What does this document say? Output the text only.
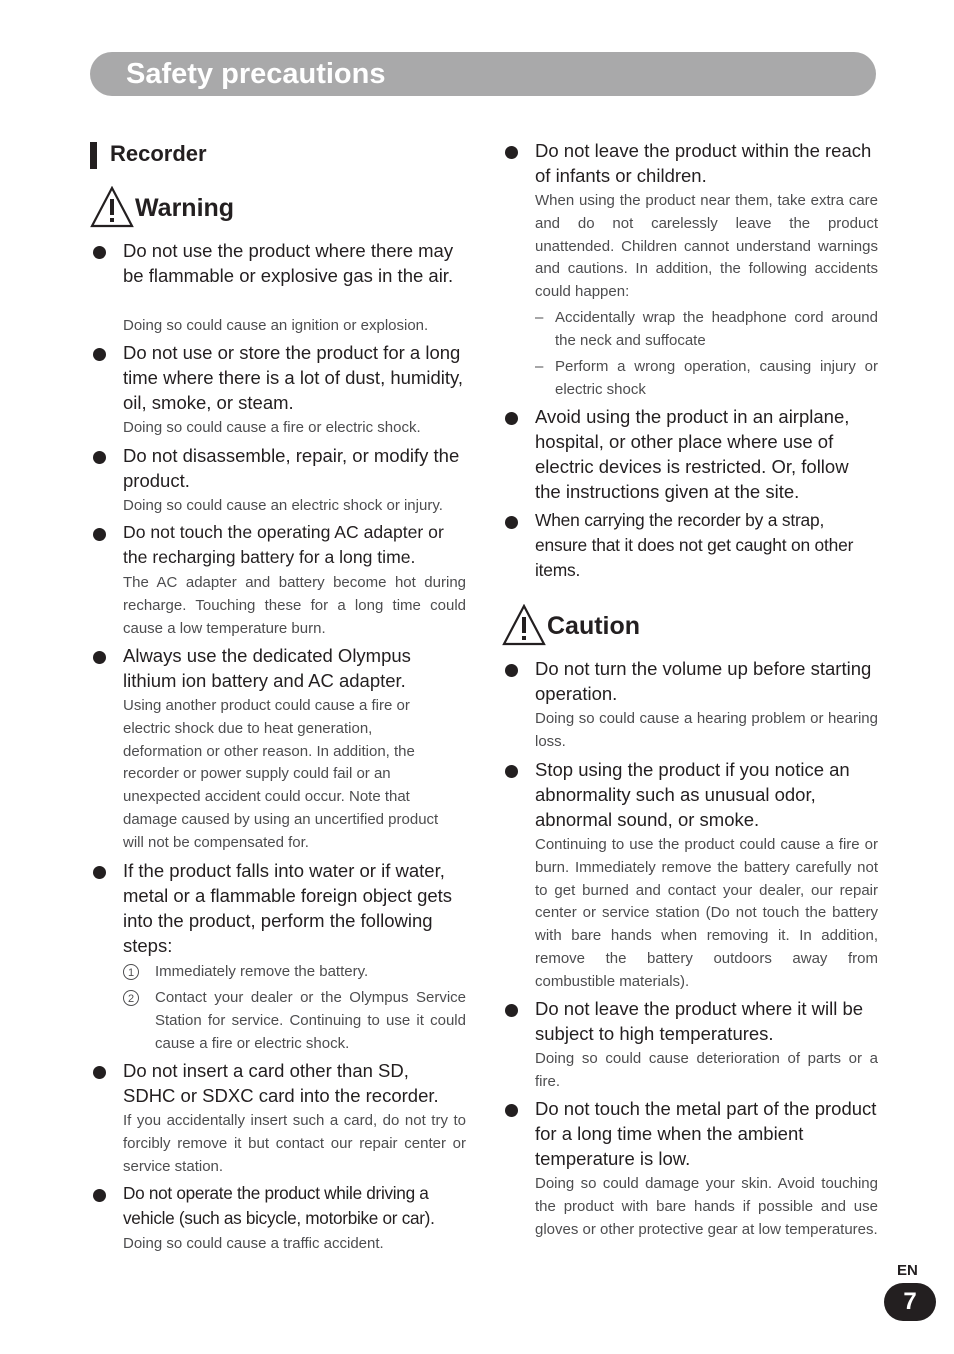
Safety precautions
Recorder
Warning

Do not use the product where there may be flammable or explosive gas in the air.

Doing so could cause an ignition or explosion.

Do not use or store the product for a long time where there is a lot of dust, humidity, oil, smoke, or steam.

Doing so could cause a fire or electric shock.

Do not disassemble, repair, or modify the product.

Doing so could cause an electric shock or injury.

Do not touch the operating AC adapter or the recharging battery for a long time.

The AC adapter and battery become hot during recharge. Touching these for a long time could cause a low temperature burn.

Always use the dedicated Olympus lithium ion battery and AC adapter.

Using another product could cause a fire or electric shock due to heat generation, deformation or other reason. In addition, the recorder or power supply could fail or an unexpected accident could occur. Note that damage caused by using an uncertified product will not be compensated for.

If the product falls into water or if water, metal or a flammable foreign object gets into the product, perform the following steps:

1	Immediately remove the battery.
2	Contact your dealer or the Olympus Service Station for service. Continuing to use it could cause a fire or electric shock.

Do not insert a card other than SD, SDHC or SDXC card into the recorder.

If you accidentally insert such a card, do not try to forcibly remove it but contact our repair center or service station.

Do not operate the product while driving a vehicle (such as bicycle, motorbike or car).

Doing so could cause a traffic accident.

Do not leave the product within the reach of infants or children.

When using the product near them, take extra care and do not carelessly leave the product unattended. Children cannot understand warnings and cautions. In addition, the following accidents could happen:

– Accidentally wrap the headphone cord around the neck and suffocate
– Perform a wrong operation, causing injury or electric shock

Avoid using the product in an airplane, hospital, or other place where use of electric devices is restricted. Or, follow the instructions given at the site.

When carrying the recorder by a strap, ensure that it does not get caught on other items.

Caution

Do not turn the volume up before starting operation.

Doing so could cause a hearing problem or hearing loss.

Stop using the product if you notice an abnormality such as unusual odor, abnormal sound, or smoke.

Continuing to use the product could cause a fire or burn. Immediately remove the battery carefully not to get burned and contact your dealer, our repair center or service station (Do not touch the battery with bare hands when removing it. In addition, remove the battery outdoors away from combustible materials).

Do not leave the product where it will be subject to high temperatures.

Doing so could cause deterioration of parts or a fire.

Do not touch the metal part of the product for a long time when the ambient temperature is low.

Doing so could damage your skin. Avoid touching the product with bare hands if possible and use gloves or other protective gear at low temperatures.

EN
7
